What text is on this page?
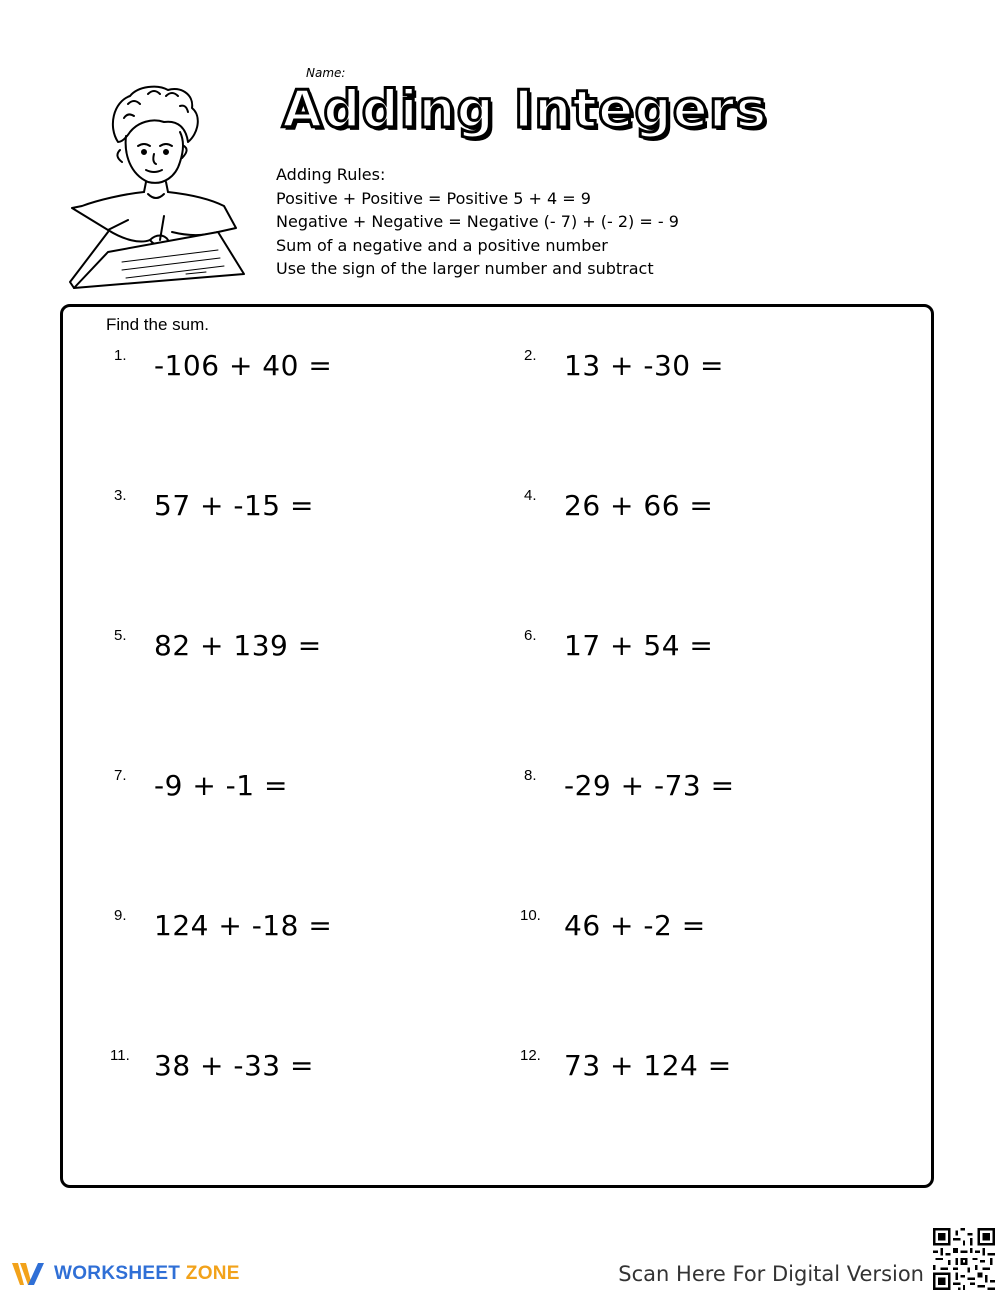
Name:
Adding Integers
Adding Rules:
Positive + Positive = Positive 5 + 4 = 9
Negative + Negative = Negative (- 7) + (- 2) = - 9
Sum of a negative and a positive number
Use the sign of the larger number and subtract
Find the sum.
1. -106 + 40 =	2. 13 + -30 =
3. 57 + -15 =	4. 26 + 66 =
5. 82 + 139 =	6. 17 + 54 =
7. -9 + -1 =	8. -29 + -73 =
9. 124 + -18 =	10. 46 + -2 =
11. 38 + -33 =	12. 73 + 124 =
WORKSHEET ZONE	Scan Here For Digital Version
